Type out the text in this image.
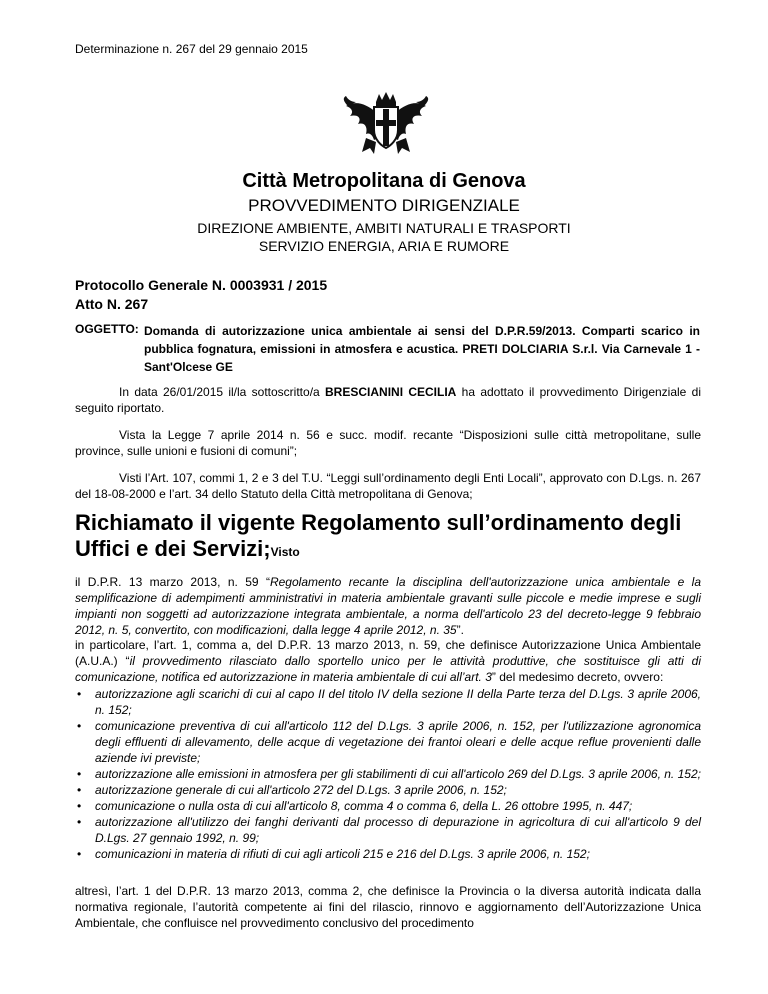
Determinazione n. 267 del 29 gennaio 2015
Città Metropolitana di Genova
PROVVEDIMENTO DIRIGENZIALE
DIREZIONE AMBIENTE, AMBITI NATURALI E TRASPORTI
SERVIZIO ENERGIA, ARIA E RUMORE
Protocollo Generale N. 0003931 / 2015
Atto N. 267
OGGETTO: Domanda di autorizzazione unica ambientale ai sensi del D.P.R.59/2013. Comparti scarico in pubblica fognatura, emissioni in atmosfera e acustica. PRETI DOLCIARIA S.r.l. Via Carnevale 1 - Sant'Olcese GE
In data 26/01/2015 il/la sottoscritto/a BRESCIANINI CECILIA ha adottato il provvedimento Dirigenziale di seguito riportato.
Vista la Legge 7 aprile 2014 n. 56 e succ. modif. recante “Disposizioni sulle città metropolitane, sulle province, sulle unioni e fusioni di comuni”;
Visti l’Art. 107, commi 1, 2 e 3 del T.U. “Leggi sull’ordinamento degli Enti Locali”, approvato con D.Lgs. n. 267 del 18-08-2000 e l’art. 34 dello Statuto della Città metropolitana di Genova;
Richiamato il vigente Regolamento sull’ordinamento degli Uffici e dei Servizi;Visto
il D.P.R. 13 marzo 2013, n. 59 “Regolamento recante la disciplina dell'autorizzazione unica ambientale e la semplificazione di adempimenti amministrativi in materia ambientale gravanti sulle piccole e medie imprese e sugli impianti non soggetti ad autorizzazione integrata ambientale, a norma dell'articolo 23 del decreto-legge 9 febbraio 2012, n. 5, convertito, con modificazioni, dalla legge 4 aprile 2012, n. 35”.
in particolare, l’art. 1, comma a, del D.P.R. 13 marzo 2013, n. 59, che definisce Autorizzazione Unica Ambientale (A.U.A.) “il provvedimento rilasciato dallo sportello unico per le attività produttive, che sostituisce gli atti di comunicazione, notifica ed autorizzazione in materia ambientale di cui all’art. 3” del medesimo decreto, ovvero:
• autorizzazione agli scarichi di cui al capo II del titolo IV della sezione II della Parte terza del D.Lgs. 3 aprile 2006, n. 152;
• comunicazione preventiva di cui all'articolo 112 del D.Lgs. 3 aprile 2006, n. 152, per l'utilizzazione agronomica degli effluenti di allevamento, delle acque di vegetazione dei frantoi oleari e delle acque reflue provenienti dalle aziende ivi previste;
• autorizzazione alle emissioni in atmosfera per gli stabilimenti di cui all'articolo 269 del D.Lgs. 3 aprile 2006, n. 152;
• autorizzazione generale di cui all'articolo 272 del D.Lgs. 3 aprile 2006, n. 152;
• comunicazione o nulla osta di cui all'articolo 8, comma 4 o comma 6, della L. 26 ottobre 1995, n. 447;
• autorizzazione all'utilizzo dei fanghi derivanti dal processo di depurazione in agricoltura di cui all'articolo 9 del D.Lgs. 27 gennaio 1992, n. 99;
• comunicazioni in materia di rifiuti di cui agli articoli 215 e 216 del D.Lgs. 3 aprile 2006, n. 152;
altresì, l’art. 1 del D.P.R. 13 marzo 2013, comma 2, che definisce la Provincia o la diversa autorità indicata dalla normativa regionale, l’autorità competente ai fini del rilascio, rinnovo e aggiornamento dell’Autorizzazione Unica Ambientale, che confluisce nel provvedimento conclusivo del procedimento
